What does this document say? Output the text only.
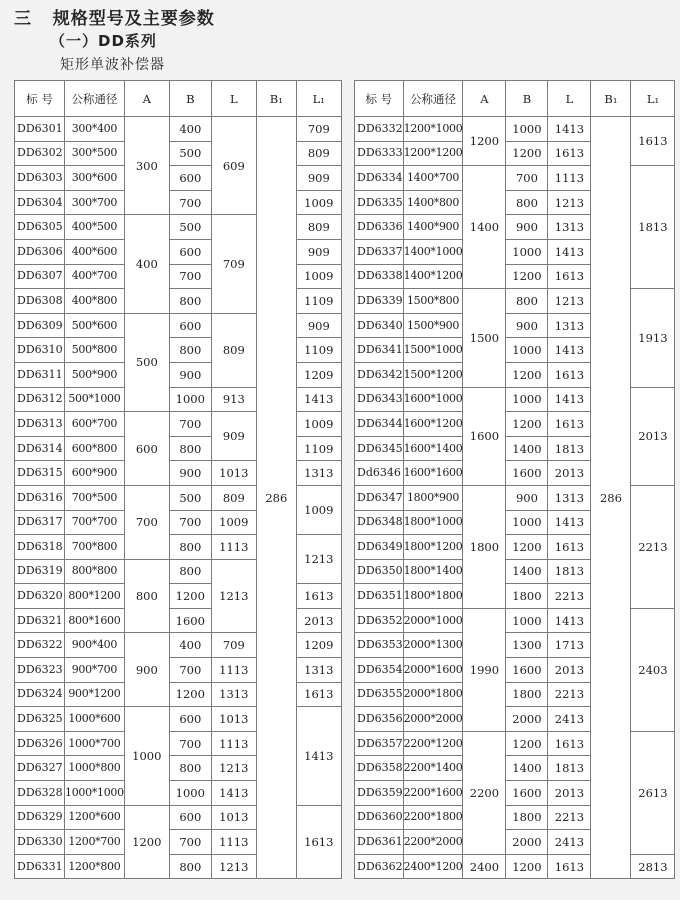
三   规格型号及主要参数
（一）DD系列
矩形单波补偿器
标 号	公称通径	A	B	L	B₁	L₁
DD6301	300*400	300	400	609	286	709
DD6302	300*500		500			809
DD6303	300*600		600			909
DD6304	300*700		700			1009
DD6305	400*500	400	500	709		809
DD6306	400*600		600			909
DD6307	400*700		700			1009
DD6308	400*800		800			1109
DD6309	500*600	500	600	809		909
DD6310	500*800		800			1109
DD6311	500*900		900			1209
DD6312	500*1000		1000	913		1413
DD6313	600*700	600	700	909		1009
DD6314	600*800		800			1109
DD6315	600*900		900	1013		1313
DD6316	700*500	700	500	809		1009
DD6317	700*700		700	1009		
DD6318	700*800		800	1113		1213
DD6319	800*800	800	800	1213		
DD6320	800*1200		1200			1613
DD6321	800*1600		1600			2013
DD6322	900*400	900	400	709		1209
DD6323	900*700		700	1113		1313
DD6324	900*1200		1200	1313		1613
DD6325	1000*600	1000	600	1013		1413
DD6326	1000*700		700	1113		
DD6327	1000*800		800	1213		
DD6328	1000*1000		1000	1413		
DD6329	1200*600	1200	600	1013		1613
DD6330	1200*700		700	1113		
DD6331	1200*800		800	1213		
标 号	公称通径	A	B	L	B₁	L₁
DD6332	1200*1000	1200	1000	1413	286	1613
DD6333	1200*1200		1200	1613		
DD6334	1400*700	1400	700	1113		1813
DD6335	1400*800		800	1213		
DD6336	1400*900		900	1313		
DD6337	1400*1000		1000	1413		
DD6338	1400*1200		1200	1613		
DD6339	1500*800	1500	800	1213		1913
DD6340	1500*900		900	1313		
DD6341	1500*1000		1000	1413		
DD6342	1500*1200		1200	1613		
DD6343	1600*1000	1600	1000	1413		2013
DD6344	1600*1200		1200	1613		
DD6345	1600*1400		1400	1813		
Dd6346	1600*1600		1600	2013		
DD6347	1800*900	1800	900	1313		2213
DD6348	1800*1000		1000	1413		
DD6349	1800*1200		1200	1613		
DD6350	1800*1400		1400	1813		
DD6351	1800*1800		1800	2213		
DD6352	2000*1000	1990	1000	1413		2403
DD6353	2000*1300		1300	1713		
DD6354	2000*1600		1600	2013		
DD6355	2000*1800		1800	2213		
DD6356	2000*2000		2000	2413		
DD6357	2200*1200	2200	1200	1613		2613
DD6358	2200*1400		1400	1813		
DD6359	2200*1600		1600	2013		
DD6360	2200*1800		1800	2213		
DD6361	2200*2000		2000	2413		
DD6362	2400*1200	2400	1200	1613		2813
